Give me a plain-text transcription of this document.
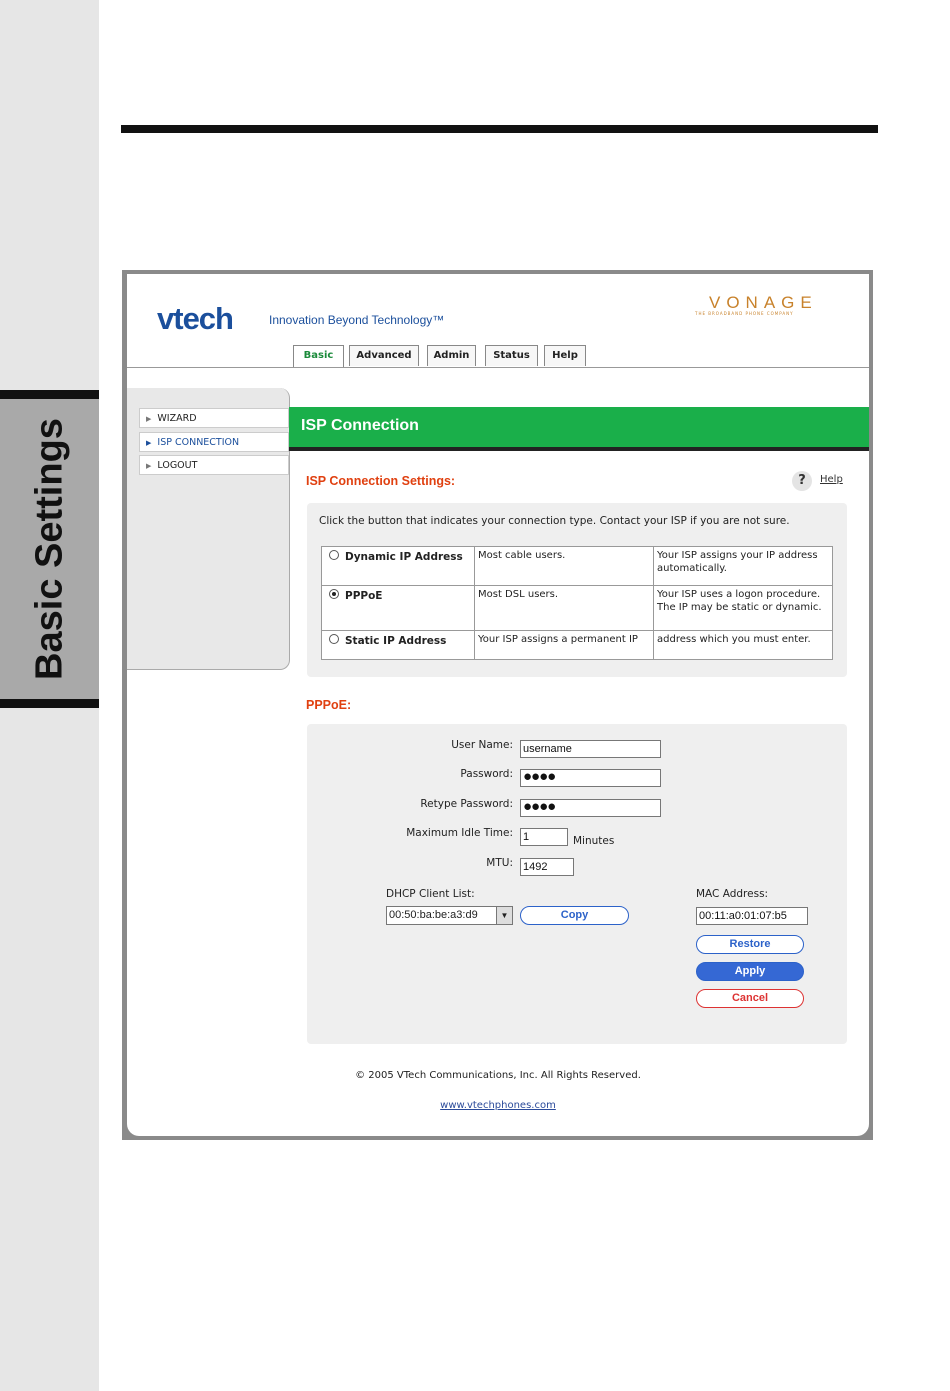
Basic Settings
vtech	Innovation Beyond Technology™
VONAGE
THE BROADBAND PHONE COMPANY
Basic	Advanced	Admin	Status	Help
▶ WIZARD
▶ ISP CONNECTION
▶ LOGOUT
ISP Connection
ISP Connection Settings:	?	Help
Click the button that indicates your connection type. Contact your ISP if you are not sure.
Dynamic IP Address	Most cable users.	Your ISP assigns your IP address automatically.
PPPoE	Most DSL users.	Your ISP uses a logon procedure. The IP may be static or dynamic.
Static IP Address	Your ISP assigns a permanent IP	address which you must enter.
PPPoE:
User Name: username
Password: ●●●●
Retype Password: ●●●●
Maximum Idle Time: 1	Minutes
MTU: 1492
DHCP Client List:
00:50:ba:be:a3:d9	▼	Copy
MAC Address:
00:11:a0:01:07:b5
Restore
Apply
Cancel
© 2005 VTech Communications, Inc. All Rights Reserved.
www.vtechphones.com
